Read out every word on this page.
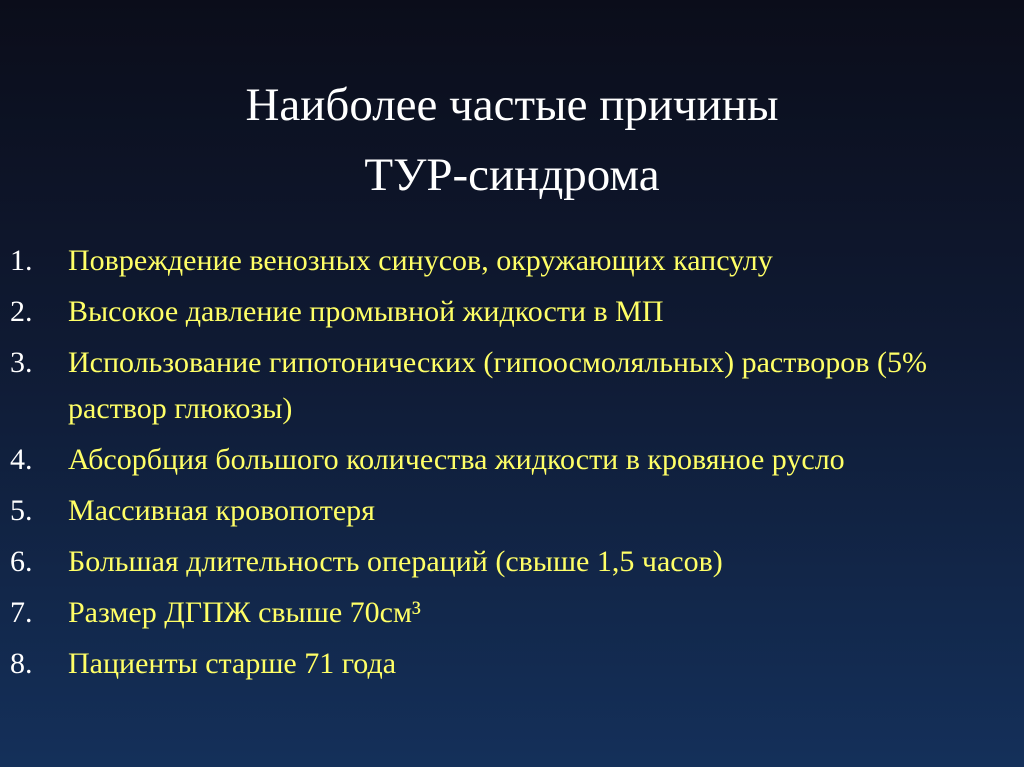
Наиболее частые причины
ТУР-синдрома
1. Повреждение венозных синусов, окружающих капсулу
2. Высокое давление промывной жидкости в МП
3. Использование гипотонических (гипоосмоляльных) растворов (5% раствор глюкозы)
4. Абсорбция большого количества жидкости в кровяное русло
5. Массивная кровопотеря
6. Большая длительность операций (свыше 1,5 часов)
7. Размер ДГПЖ свыше 70см³
8. Пациенты старше 71 года
